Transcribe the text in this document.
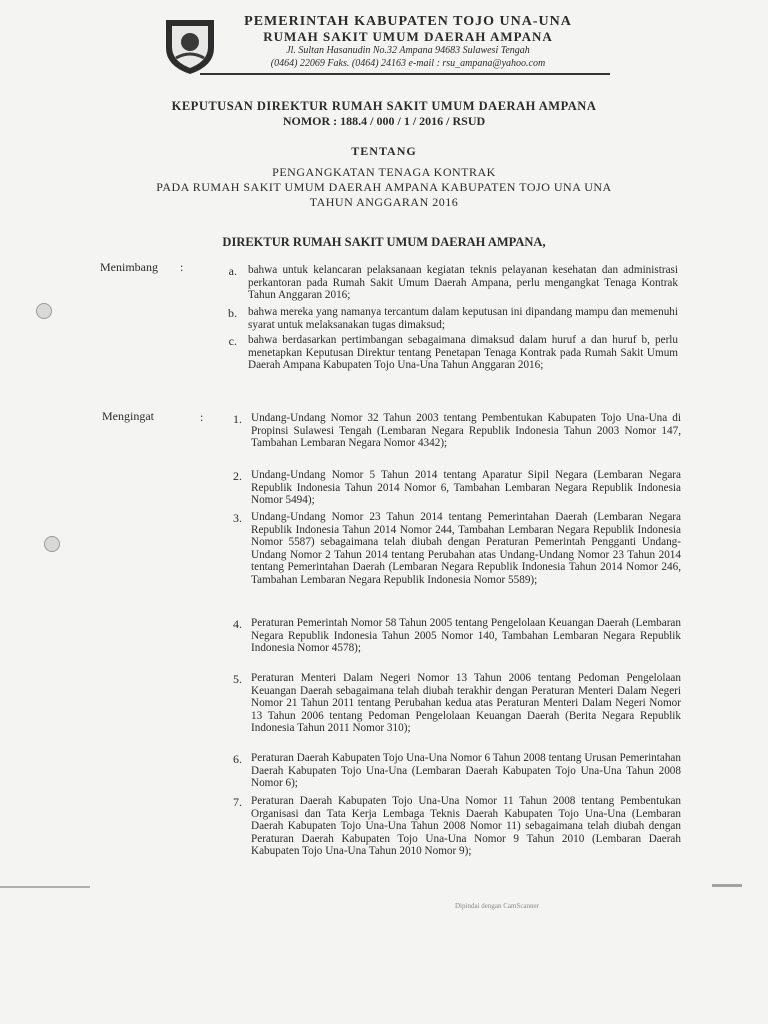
PEMERINTAH KABUPATEN TOJO UNA-UNA
RUMAH SAKIT UMUM DAERAH AMPANA
Jl. Sultan Hasanudin No.32 Ampana 94683 Sulawesi Tengah
(0464) 22069 Faks. (0464) 24163 e-mail : rsu_ampana@yahoo.com
KEPUTUSAN DIREKTUR RUMAH SAKIT UMUM DAERAH AMPANA
NOMOR : 188.4 / 000 / 1 / 2016 / RSUD
TENTANG
PENGANGKATAN TENAGA KONTRAK
PADA RUMAH SAKIT UMUM DAERAH AMPANA KABUPATEN TOJO UNA UNA
TAHUN ANGGARAN 2016
DIREKTUR RUMAH SAKIT UMUM DAERAH AMPANA,
Menimbang :	a. bahwa untuk kelancaran pelaksanaan kegiatan teknis pelayanan kesehatan dan administrasi perkantoran pada Rumah Sakit Umum Daerah Ampana, perlu mengangkat Tenaga Kontrak Tahun Anggaran 2016;
b. bahwa mereka yang namanya tercantum dalam keputusan ini dipandang mampu dan memenuhi syarat untuk melaksanakan tugas dimaksud;
c. bahwa berdasarkan pertimbangan sebagaimana dimaksud dalam huruf a dan huruf b, perlu menetapkan Keputusan Direktur tentang Penetapan Tenaga Kontrak pada Rumah Sakit Umum Daerah Ampana Kabupaten Tojo Una-Una Tahun Anggaran 2016;
Mengingat	:	1. Undang-Undang Nomor 32 Tahun 2003 tentang Pembentukan Kabupaten Tojo Una-Una di Propinsi Sulawesi Tengah (Lembaran Negara Republik Indonesia Tahun 2003 Nomor 147, Tambahan Lembaran Negara Nomor 4342);
2. Undang-Undang Nomor 5 Tahun 2014 tentang Aparatur Sipil Negara (Lembaran Negara Republik Indonesia Tahun 2014 Nomor 6, Tambahan Lembaran Negara Republik Indonesia Nomor 5494);
3. Undang-Undang Nomor 23 Tahun 2014 tentang Pemerintahan Daerah (Lembaran Negara Republik Indonesia Tahun 2014 Nomor 244, Tambahan Lembaran Negara Republik Indonesia Nomor 5587) sebagaimana telah diubah dengan Peraturan Pemerintah Pengganti Undang-Undang Nomor 2 Tahun 2014 tentang Perubahan atas Undang-Undang Nomor 23 Tahun 2014 tentang Pemerintahan Daerah (Lembaran Negara Republik Indonesia Tahun 2014 Nomor 246, Tambahan Lembaran Negara Republik Indonesia Nomor 5589);
4. Peraturan Pemerintah Nomor 58 Tahun 2005 tentang Pengelolaan Keuangan Daerah (Lembaran Negara Republik Indonesia Tahun 2005 Nomor 140, Tambahan Lembaran Negara Republik Indonesia Nomor 4578);
5. Peraturan Menteri Dalam Negeri Nomor 13 Tahun 2006 tentang Pedoman Pengelolaan Keuangan Daerah sebagaimana telah diubah terakhir dengan Peraturan Menteri Dalam Negeri Nomor 21 Tahun 2011 tentang Perubahan kedua atas Peraturan Menteri Dalam Negeri Nomor 13 Tahun 2006 tentang Pedoman Pengelolaan Keuangan Daerah (Berita Negara Republik Indonesia Tahun 2011 Nomor 310);
6. Peraturan Daerah Kabupaten Tojo Una-Una Nomor 6 Tahun 2008 tentang Urusan Pemerintahan Daerah Kabupaten Tojo Una-Una (Lembaran Daerah Kabupaten Tojo Una-Una Tahun 2008 Nomor 6);
7. Peraturan Daerah Kabupaten Tojo Una-Una Nomor 11 Tahun 2008 tentang Pembentukan Organisasi dan Tata Kerja Lembaga Teknis Daerah Kabupaten Tojo Una-Una (Lembaran Daerah Kabupaten Tojo Una-Una Tahun 2008 Nomor 11) sebagaimana telah diubah dengan Peraturan Daerah Kabupaten Tojo Una-Una Nomor 9 Tahun 2010 (Lembaran Daerah Kabupaten Tojo Una-Una Tahun 2010 Nomor 9);
Dipindai dengan CamScanner
